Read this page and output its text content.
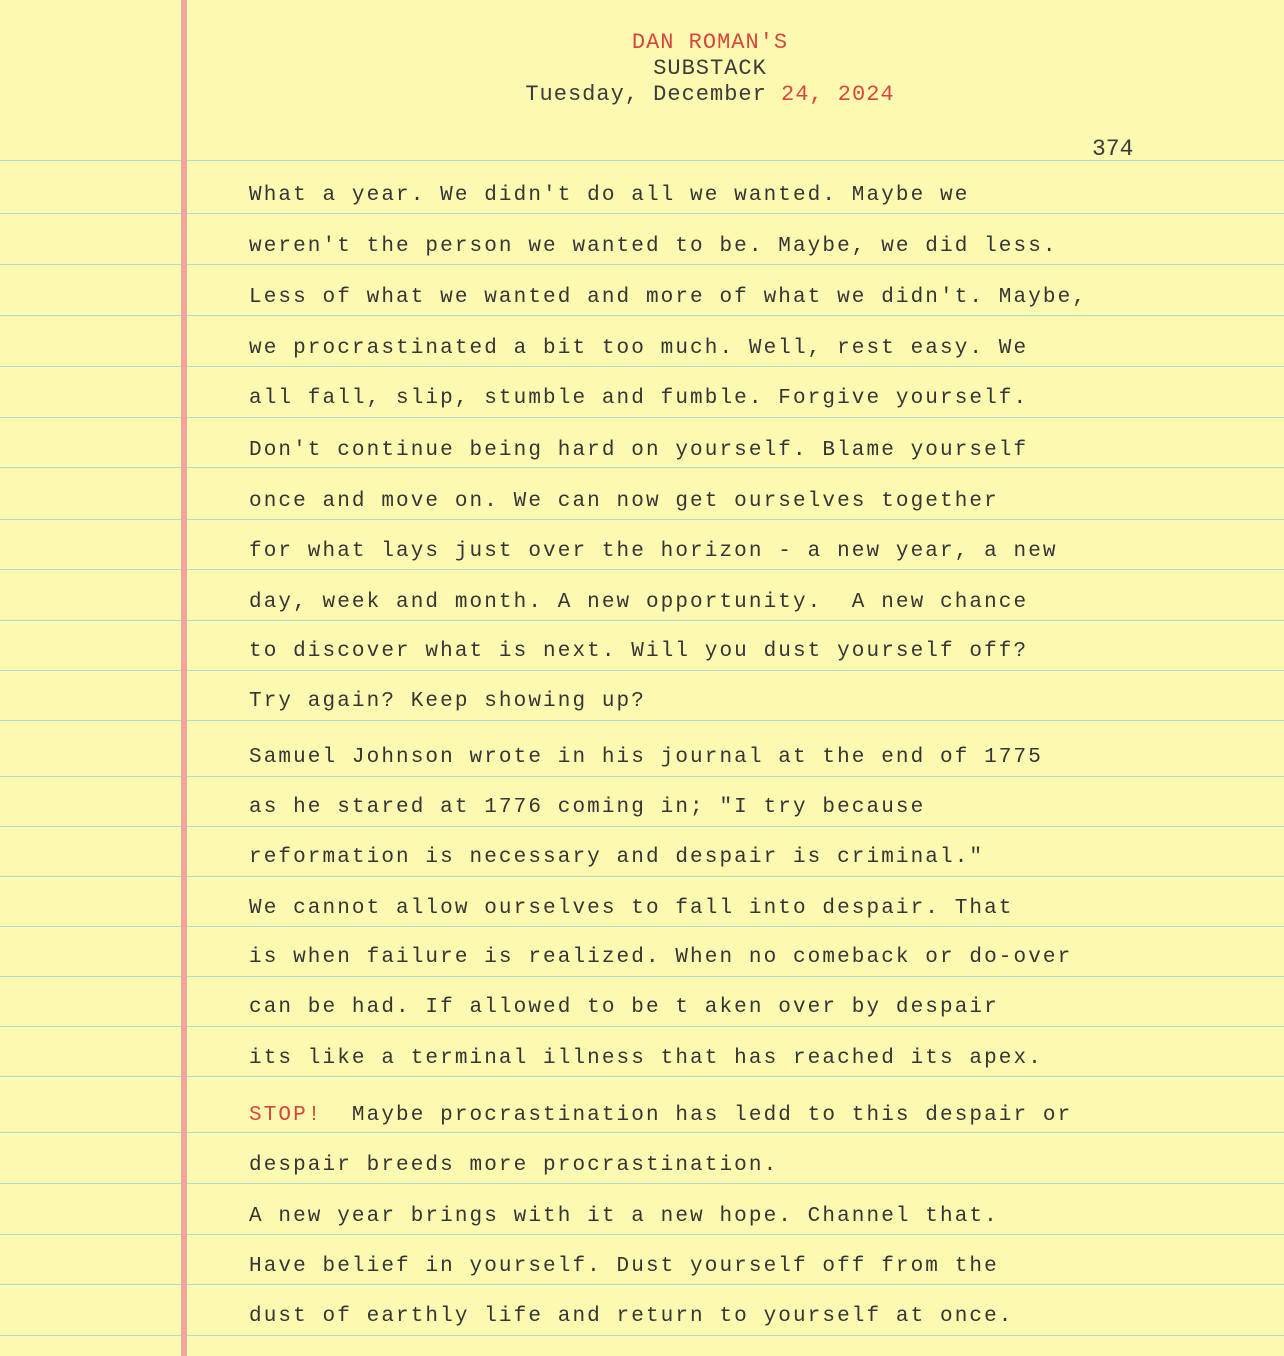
DAN ROMAN'S
SUBSTACK
Tuesday, December 24, 2024
374
What a year. We didn't do all we wanted. Maybe we
weren't the person we wanted to be. Maybe, we did less.
Less of what we wanted and more of what we didn't. Maybe,
we procrastinated a bit too much. Well, rest easy. We
all fall, slip, stumble and fumble. Forgive yourself.
Don't continue being hard on yourself. Blame yourself
once and move on. We can now get ourselves together
for what lays just over the horizon - a new year, a new
day, week and month. A new opportunity.  A new chance
to discover what is next. Will you dust yourself off?
Try again? Keep showing up?
Samuel Johnson wrote in his journal at the end of 1775
as he stared at 1776 coming in; "I try because
reformation is necessary and despair is criminal."
We cannot allow ourselves to fall into despair. That
is when failure is realized. When no comeback or do-over
can be had. If allowed to be t aken over by despair
its like a terminal illness that has reached its apex.
STOP! Maybe procrastination has ledd to this despair or
despair breeds more procrastination.
A new year brings with it a new hope. Channel that.
Have belief in yourself. Dust yourself off from the
dust of earthly life and return to yourself at once.
